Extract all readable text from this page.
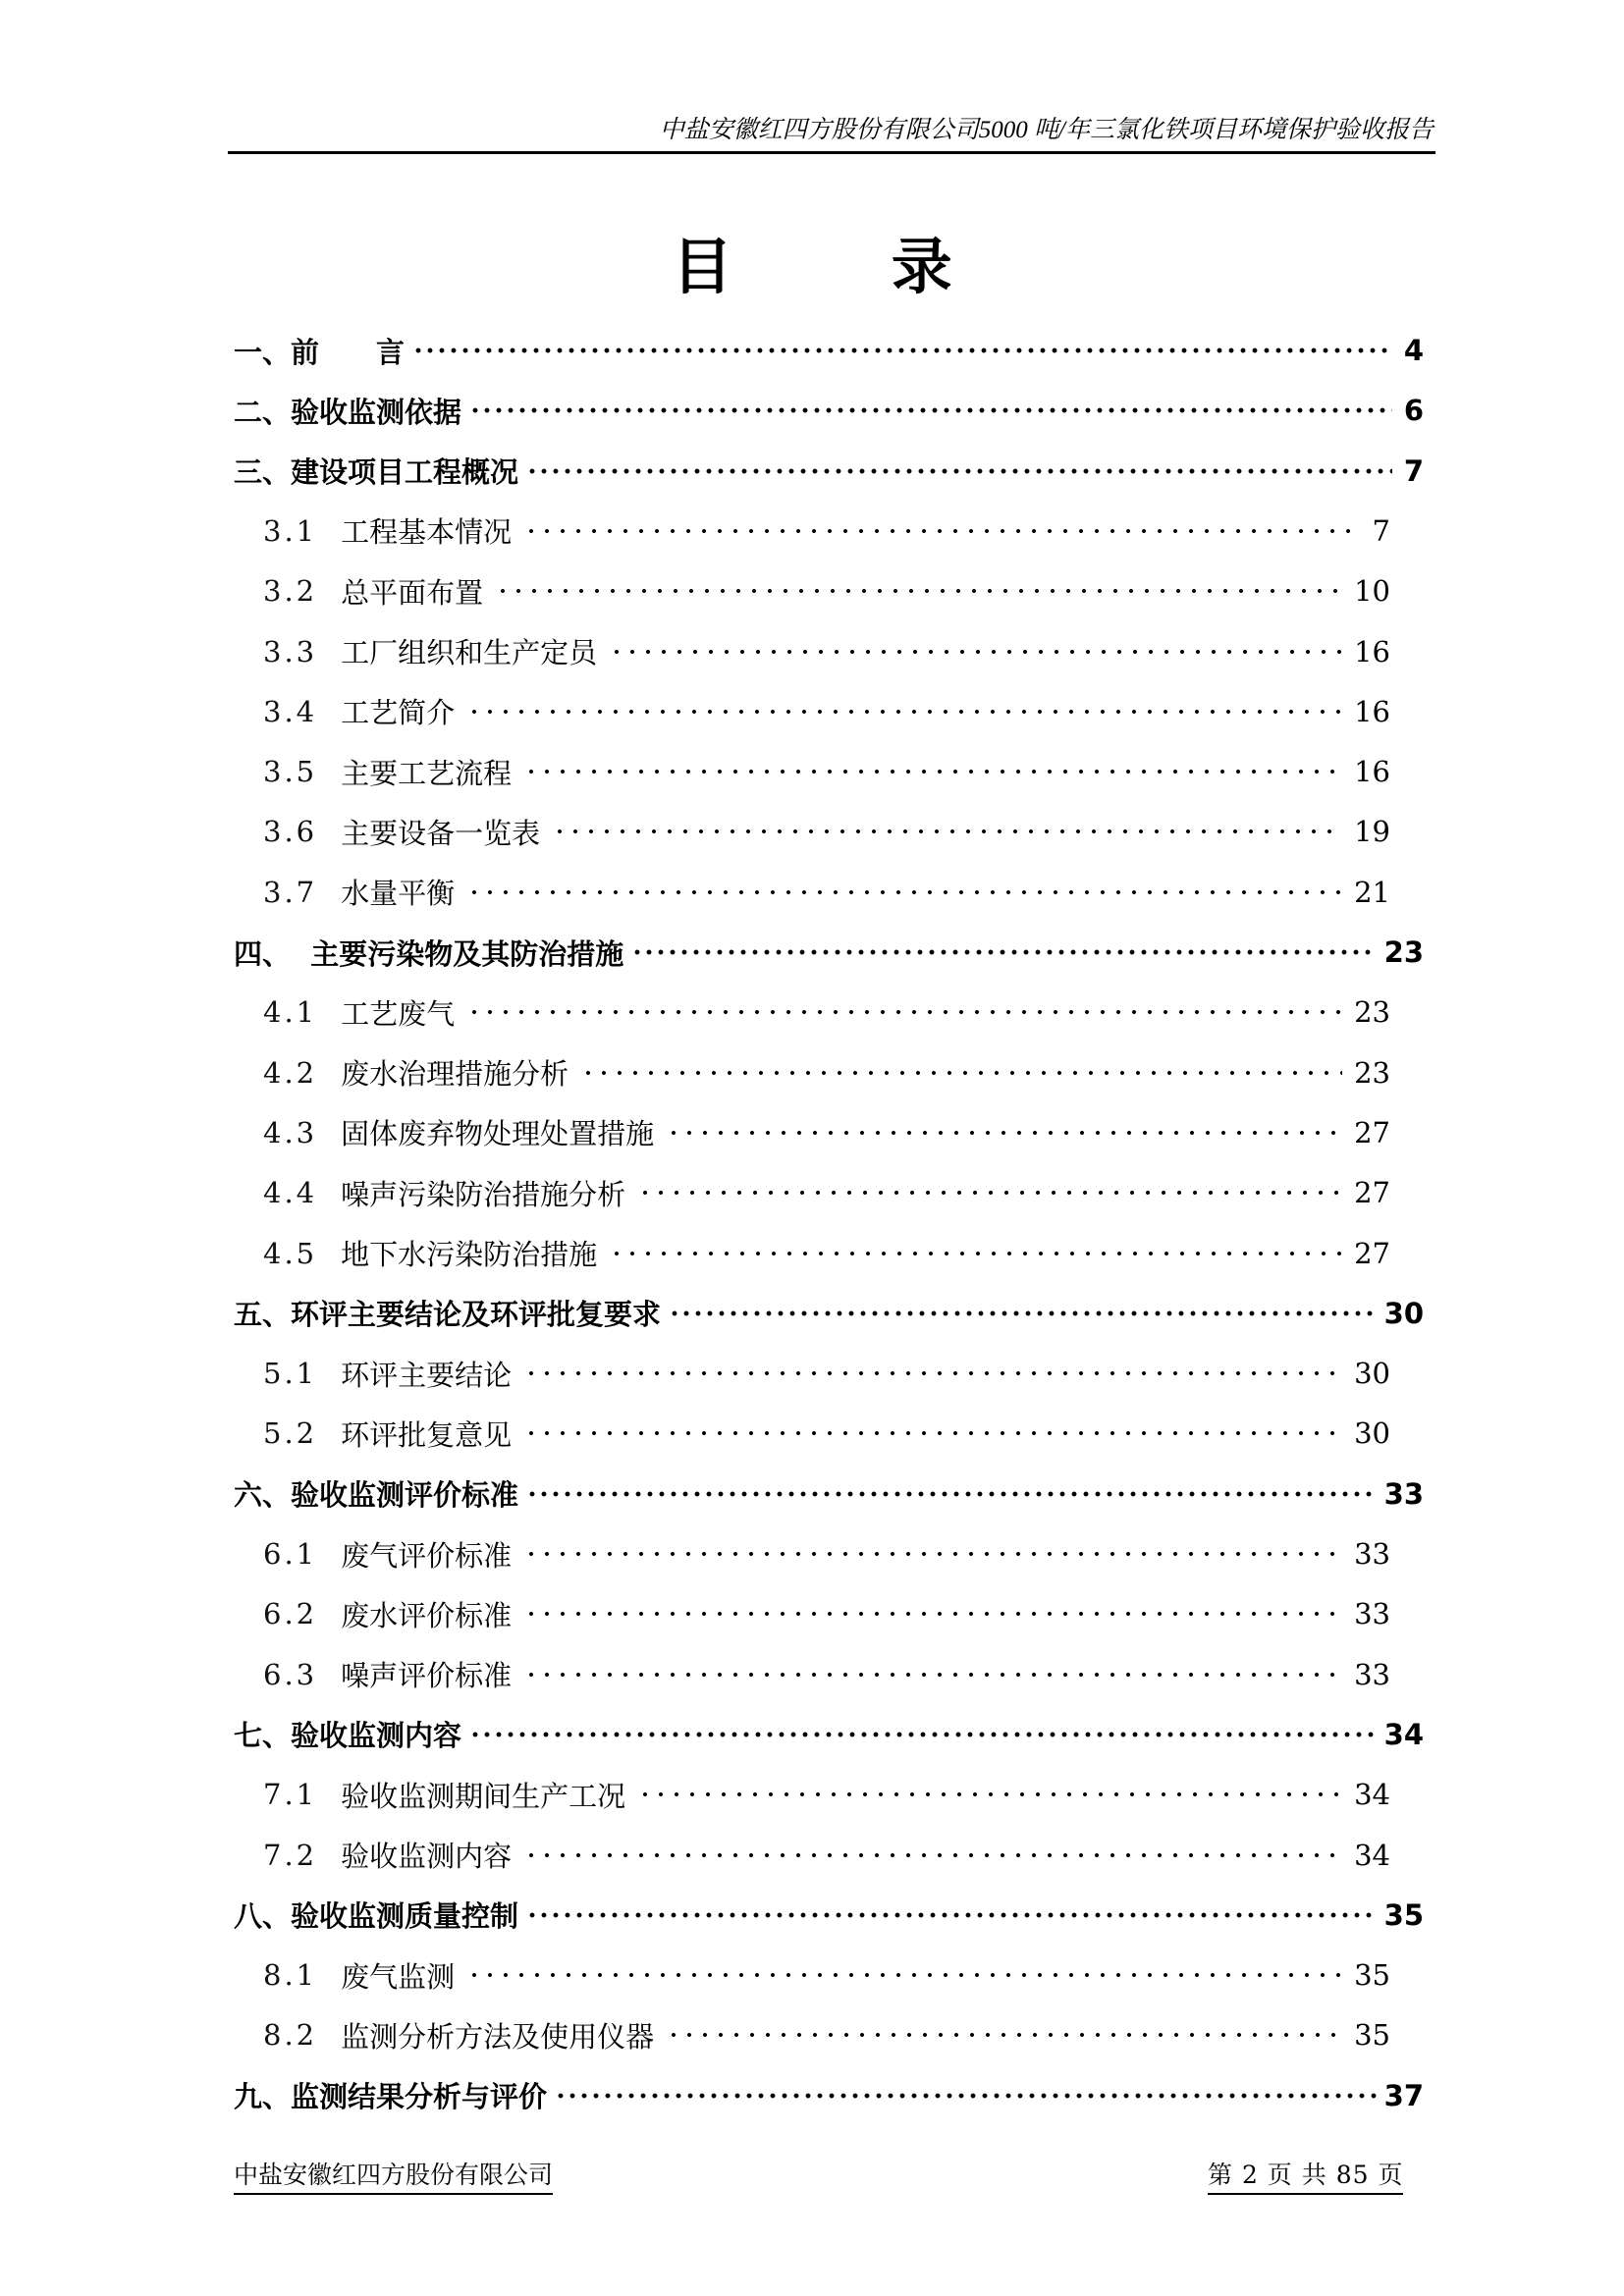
中盐安徽红四方股份有限公司5000 吨/年三氯化铁项目环境保护验收报告
目 录
一、 前　　言	4
二、 验收监测依据	6
三、 建设项目工程概况	7
3.1 工程基本情况	7
3.2 总平面布置	10
3.3 工厂组织和生产定员	16
3.4 工艺简介	16
3.5 主要工艺流程	16
3.6 主要设备一览表	19
3.7 水量平衡	21
四、 主要污染物及其防治措施	23
4.1 工艺废气	23
4.2 废水治理措施分析	23
4.3 固体废弃物处理处置措施	27
4.4 噪声污染防治措施分析	27
4.5 地下水污染防治措施	27
五、 环评主要结论及环评批复要求	30
5.1 环评主要结论	30
5.2 环评批复意见	30
六、 验收监测评价标准	33
6.1 废气评价标准	33
6.2 废水评价标准	33
6.3 噪声评价标准	33
七、 验收监测内容	34
7.1 验收监测期间生产工况	34
7.2 验收监测内容	34
八、 验收监测质量控制	35
8.1 废气监测	35
8.2 监测分析方法及使用仪器	35
九、 监测结果分析与评价	37
中盐安徽红四方股份有限公司	第 2 页 共 85 页
